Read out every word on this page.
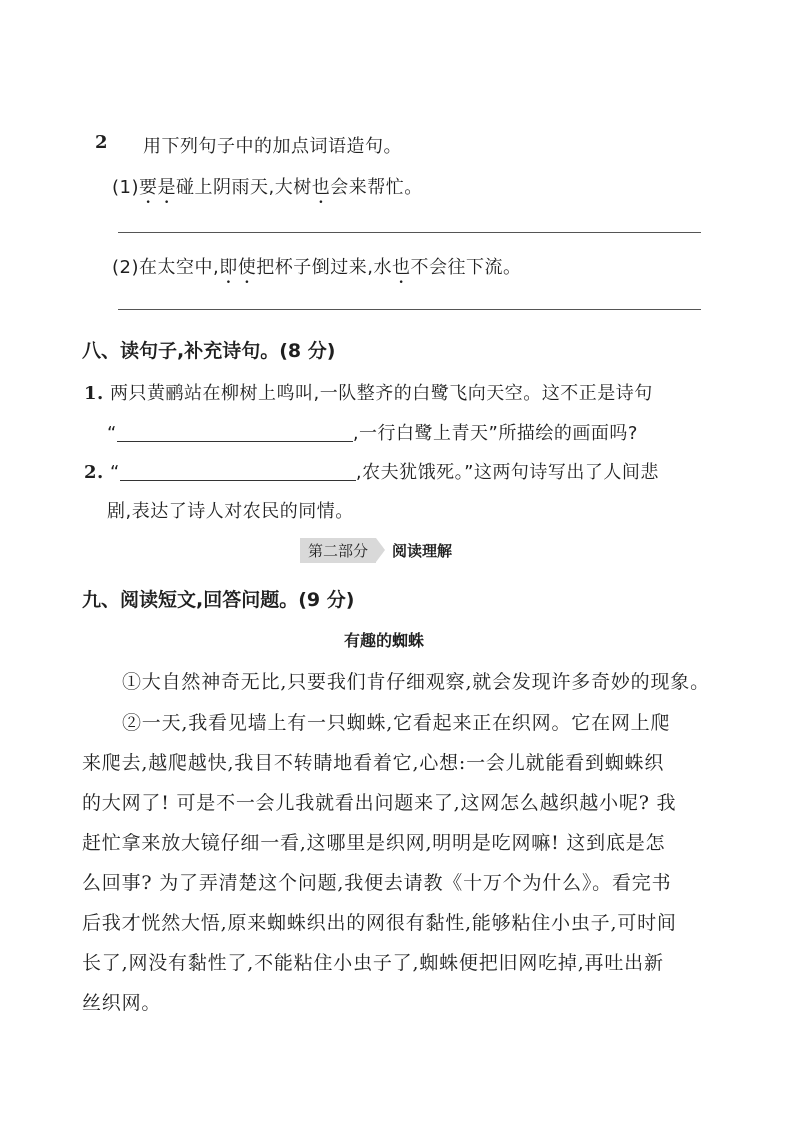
2 用下列句子中的加点词语造句。
(1)要是碰上阴雨天,大树也会来帮忙。
(2)在太空中,即使把杯子倒过来,水也不会往下流。
八、读句子,补充诗句。(8 分)
1. 两只黄鹂站在柳树上鸣叫,一队整齐的白鹭飞向天空。这不正是诗句
“	,一行白鹭上青天”所描绘的画面吗?
2. “	,农夫犹饿死。”这两句诗写出了人间悲
剧,表达了诗人对农民的同情。
第二部分	阅读理解
九、阅读短文,回答问题。(9 分)
有趣的蜘蛛
①大自然神奇无比,只要我们肯仔细观察,就会发现许多奇妙的现象。
②一天,我看见墙上有一只蜘蛛,它看起来正在织网。它在网上爬
来爬去,越爬越快,我目不转睛地看着它,心想:一会儿就能看到蜘蛛织
的大网了! 可是不一会儿我就看出问题来了,这网怎么越织越小呢? 我
赶忙拿来放大镜仔细一看,这哪里是织网,明明是吃网嘛! 这到底是怎
么回事? 为了弄清楚这个问题,我便去请教《十万个为什么》。看完书
后我才恍然大悟,原来蜘蛛织出的网很有黏性,能够粘住小虫子,可时间
长了,网没有黏性了,不能粘住小虫子了,蜘蛛便把旧网吃掉,再吐出新
丝织网。
